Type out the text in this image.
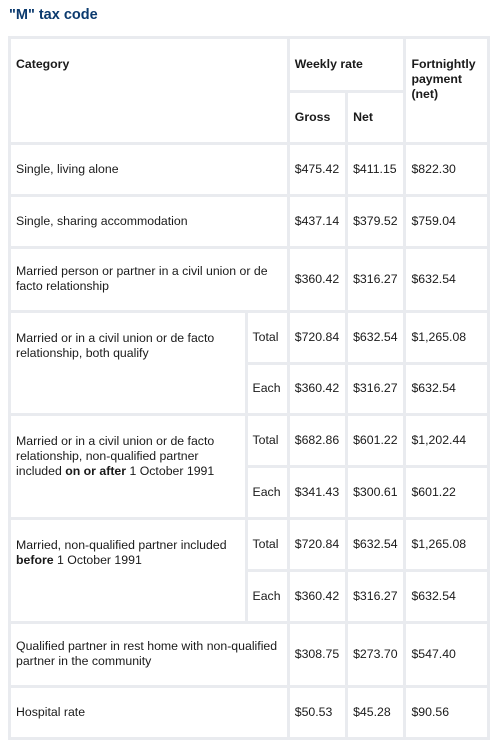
"M" tax code
Category		Weekly rate		Fortnightly payment (net)
		Gross	Net	
Single, living alone		$475.42	$411.15	$822.30
Single, sharing accommodation		$437.14	$379.52	$759.04
Married person or partner in a civil union or de facto relationship		$360.42	$316.27	$632.54
Married or in a civil union or de facto relationship, both qualify	Total	$720.84	$632.54	$1,265.08
	Each	$360.42	$316.27	$632.54
Married or in a civil union or de facto relationship, non-qualified partner included on or after 1 October 1991	Total	$682.86	$601.22	$1,202.44
	Each	$341.43	$300.61	$601.22
Married, non-qualified partner included before 1 October 1991	Total	$720.84	$632.54	$1,265.08
	Each	$360.42	$316.27	$632.54
Qualified partner in rest home with non-qualified partner in the community		$308.75	$273.70	$547.40
Hospital rate		$50.53	$45.28	$90.56
